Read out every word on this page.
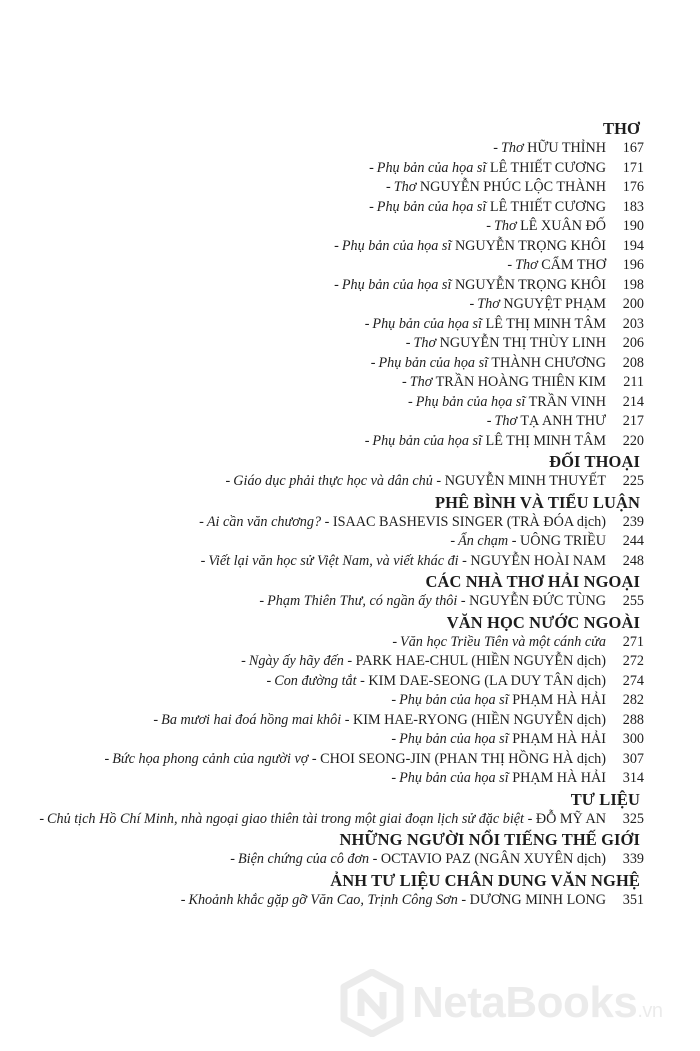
THƠ
- Thơ HỮU THỈNH	167
- Phụ bản của họa sĩ LÊ THIẾT CƯƠNG	171
- Thơ NGUYỄN PHÚC LỘC THÀNH	176
- Phụ bản của họa sĩ LÊ THIẾT CƯƠNG	183
- Thơ LÊ XUÂN ĐỐ	190
- Phụ bản của họa sĩ NGUYỄN TRỌNG KHÔI	194
- Thơ CẨM THƠ	196
- Phụ bản của họa sĩ NGUYỄN TRỌNG KHÔI	198
- Thơ NGUYỆT PHẠM	200
- Phụ bản của họa sĩ LÊ THỊ MINH TÂM	203
- Thơ NGUYỄN THỊ THÙY LINH	206
- Phụ bản của họa sĩ THÀNH CHƯƠNG	208
- Thơ TRẦN HOÀNG THIÊN KIM	211
- Phụ bản của họa sĩ TRẦN VINH	214
- Thơ TẠ ANH THƯ	217
- Phụ bản của họa sĩ LÊ THỊ MINH TÂM	220
ĐỐI THOẠI
- Giáo dục phải thực học và dân chủ - NGUYỄN MINH THUYẾT	225
PHÊ BÌNH VÀ TIỂU LUẬN
- Ai cần văn chương? - ISAAC BASHEVIS SINGER (TRÀ ĐÓA dịch)	239
- Ẩn chạm - UÔNG TRIỀU	244
- Viết lại văn học sử Việt Nam, và viết khác đi - NGUYỄN HOÀI NAM	248
CÁC NHÀ THƠ HẢI NGOẠI
- Phạm Thiên Thư, có ngần ấy thôi - NGUYỄN ĐỨC TÙNG	255
VĂN HỌC NƯỚC NGOÀI
- Văn học Triều Tiên và một cánh cửa	271
- Ngày ấy hãy đến - PARK HAE-CHUL (HIỀN NGUYỄN dịch)	272
- Con đường tắt - KIM DAE-SEONG (LA DUY TÂN dịch)	274
- Phụ bản của họa sĩ PHẠM HÀ HẢI	282
- Ba mươi hai đoá hồng mai khôi - KIM HAE-RYONG (HIỀN NGUYỄN dịch)	288
- Phụ bản của họa sĩ PHẠM HÀ HẢI	300
- Bức họa phong cảnh của người vợ - CHOI SEONG-JIN (PHAN THỊ HỒNG HÀ dịch)	307
- Phụ bản của họa sĩ PHẠM HÀ HẢI	314
TƯ LIỆU
- Chủ tịch Hồ Chí Minh, nhà ngoại giao thiên tài trong một giai đoạn lịch sử đặc biệt - ĐỖ MỸ AN	325
NHỮNG NGƯỜI NỔI TIẾNG THẾ GIỚI
- Biện chứng của cô đơn - OCTAVIO PAZ (NGÂN XUYÊN dịch)	339
ẢNH TƯ LIỆU CHÂN DUNG VĂN NGHỆ
- Khoảnh khắc gặp gỡ Văn Cao, Trịnh Công Sơn - DƯƠNG MINH LONG	351
NetaBooks.vn
